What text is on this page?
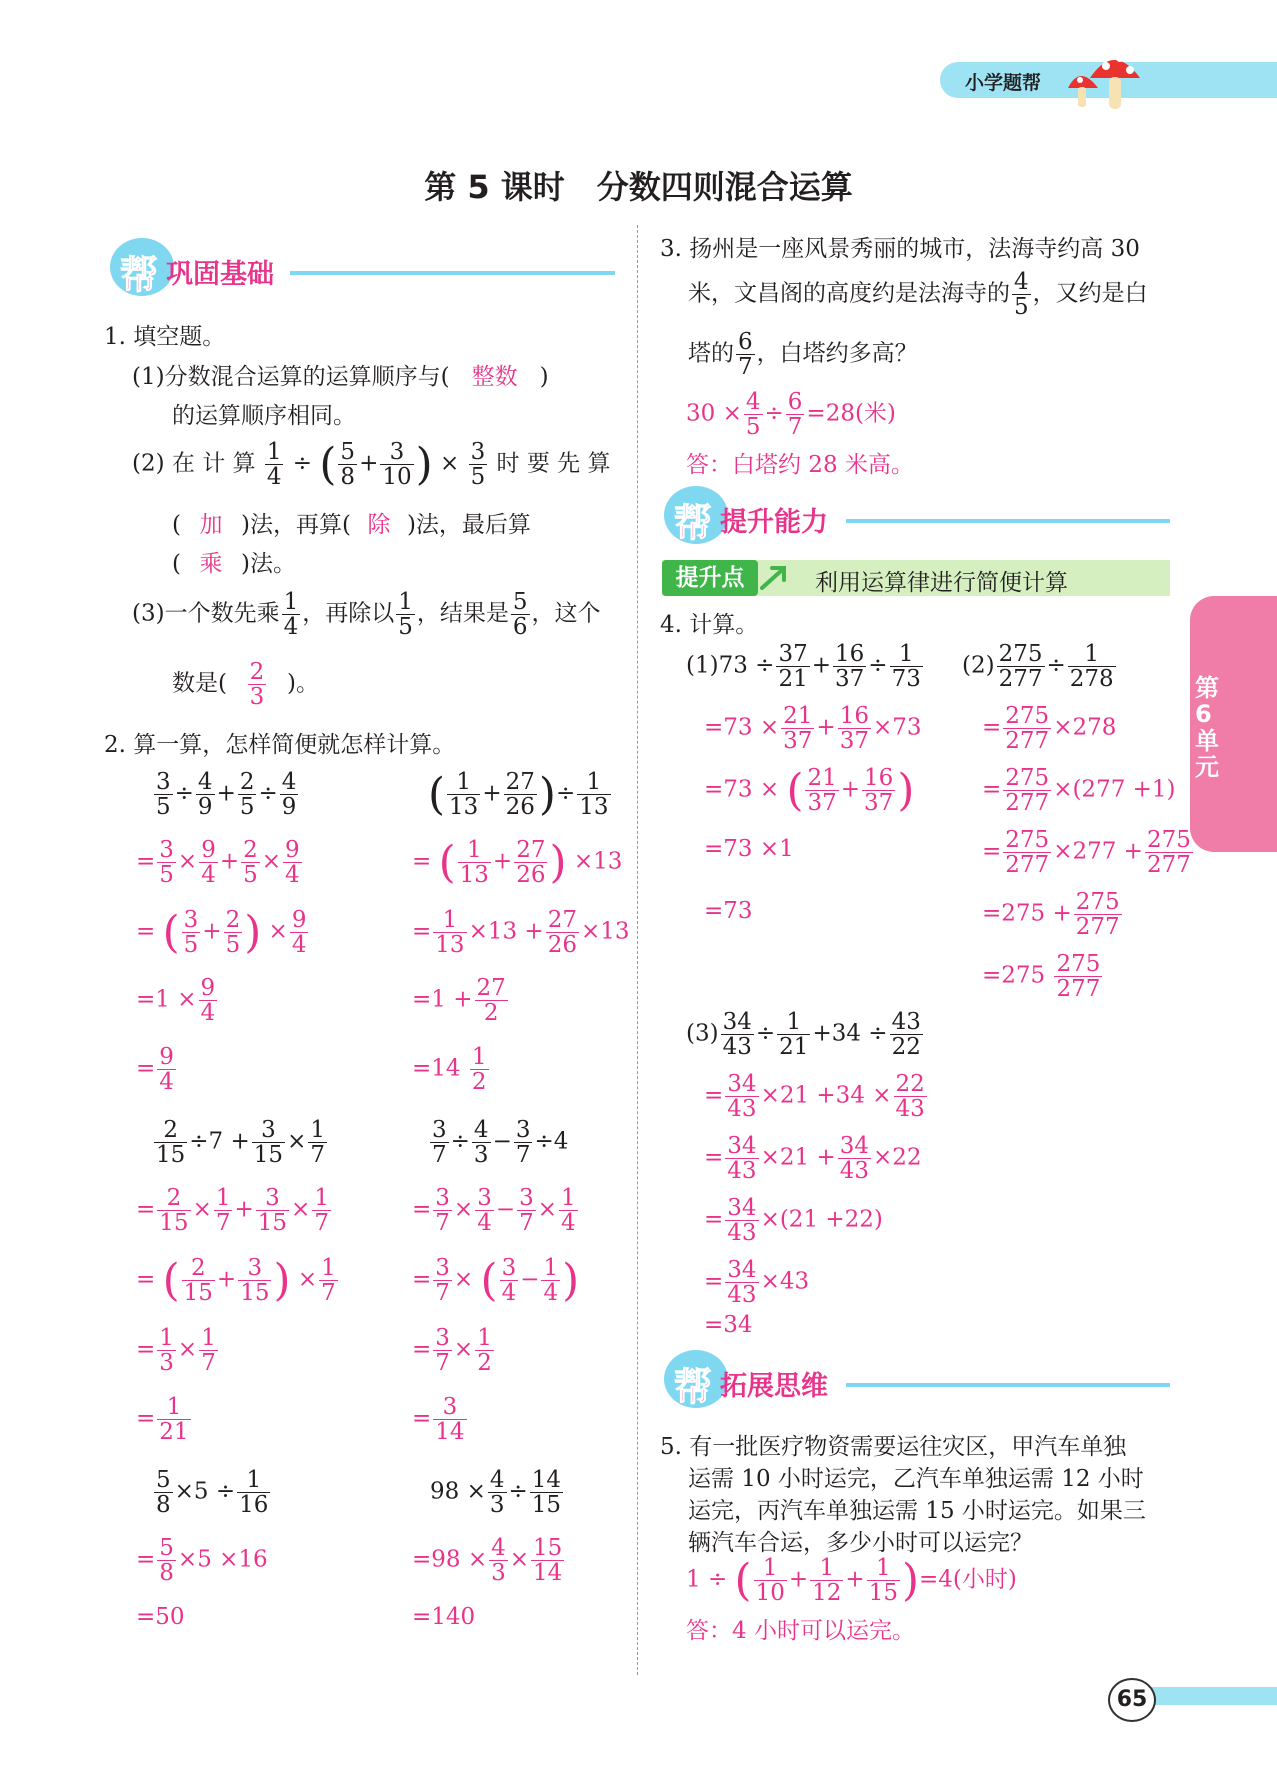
小学题帮
第 5 课时　分数四则混合运算
第6单元
65
帮 巩固基础
1. 填空题。
(1)分数混合运算的运算顺序与( 整数 )
的运算顺序相同。
(2) 在 计 算 $\frac{1}{4}$ ÷ ( $\frac{5}{8} + \frac{3}{10}$ ) × $\frac{3}{5}$ 时 要 先 算
( 加 )法，再算( 除 )法，最后算
( 乘 )法。
(3)一个数先乘 $\frac{1}{4}$ ，再除以 $\frac{1}{5}$ ，结果是 $\frac{5}{6}$ ，这个
数是( $\frac{2}{3}$ )。
2. 算一算，怎样简便就怎样计算。
$\frac{3}{5} \div \frac{4}{9} + \frac{2}{5} \div \frac{4}{9}$
= $\frac{3}{5} \times \frac{9}{4} + \frac{2}{5} \times \frac{9}{4}$
= ( $\frac{3}{5} + \frac{2}{5}$ ) × $\frac{9}{4}$
$=1 \times \frac{9}{4}$
= $\frac{9}{4}$
( $\frac{1}{13} + \frac{27}{26}$ )÷ $\frac{1}{13}$
= ( $\frac{1}{13} + \frac{27}{26}$ ) ×13
= $\frac{1}{13} \times 13 + \frac{27}{26} \times 13$
$=1 + \frac{27}{2}$
$=14 \frac{1}{2}$
$\frac{2}{15} \div 7 + \frac{3}{15} \times \frac{1}{7}$
= $\frac{2}{15} \times \frac{1}{7} + \frac{3}{15} \times \frac{1}{7}$
= ( $\frac{2}{15} + \frac{3}{15}$ ) × $\frac{1}{7}$
= $\frac{1}{3} \times \frac{1}{7}$
= $\frac{1}{21}$
$\frac{3}{7} \div \frac{4}{3} - \frac{3}{7} \div 4$
= $\frac{3}{7} \times \frac{3}{4} - \frac{3}{7} \times \frac{1}{4}$
= $\frac{3}{7}$ × ( $\frac{3}{4} - \frac{1}{4}$ )
= $\frac{3}{7} \times \frac{1}{2}$
= $\frac{3}{14}$
$\frac{5}{8} \times 5 \div \frac{1}{16}$
= $\frac{5}{8} \times 5 \times 16$
=50
$98 \times \frac{4}{3} \div \frac{14}{15}$
$=98 \times \frac{4}{3} \times \frac{15}{14}$
=140
3. 扬州是一座风景秀丽的城市，法海寺约高 30
米，文昌阁的高度约是法海寺的 $\frac{4}{5}$ ，又约是白
塔的 $\frac{6}{7}$ ，白塔约多高？
$30 \times \frac{4}{5} \div \frac{6}{7} =28$(米)
答：白塔约 28 米高。
帮 提升能力
提升点	利用运算律进行简便计算
4. 计算。
$(1)73 \div \frac{37}{21} + \frac{16}{37} \div \frac{1}{73}$
$=73 \times \frac{21}{37} + \frac{16}{37} \times 73$
=73 × ( $\frac{21}{37} + \frac{16}{37}$ )
=73 ×1
=73
$(2) \frac{275}{277} \div \frac{1}{278}$
= $\frac{275}{277} \times 278$
= $\frac{275}{277} \times(277 +1)$
= $\frac{275}{277} \times 277 + \frac{275}{277}$
$=275 + \frac{275}{277}$
$=275 \frac{275}{277}$
$(3) \frac{34}{43} \div \frac{1}{21} +34 \div \frac{43}{22}$
= $\frac{34}{43} \times 21 +34 \times \frac{22}{43}$
= $\frac{34}{43} \times 21 + \frac{34}{43} \times 22$
= $\frac{34}{43} \times(21 +22)$
= $\frac{34}{43} \times 43$
=34
帮 拓展思维
5. 有一批医疗物资需要运往灾区，甲汽车单独
运需 10 小时运完，乙汽车单独运需 12 小时
运完，丙汽车单独运需 15 小时运完。如果三
辆汽车合运，多少小时可以运完？
1 ÷ ( $\frac{1}{10} + \frac{1}{12} + \frac{1}{15} )=4$(小时)
答：4 小时可以运完。
